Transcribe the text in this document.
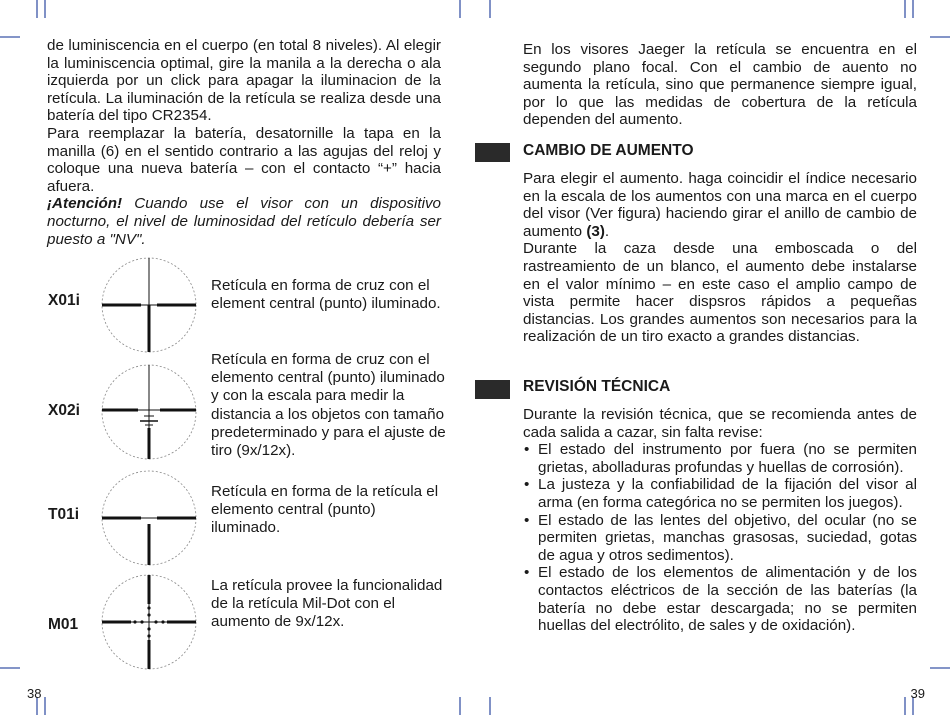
de luminiscencia en el cuerpo (en total 8 niveles). Al elegir la luminiscencia optimal, gire la manila a la derecha o ala izquierda por un click para apagar la iluminacion de la retícula. La iluminación de la retícula se realiza desde una batería del tipo CR2354.

Para reemplazar la batería, desatornille la tapa en la manilla (6) en el sentido contrario a las agujas del reloj y coloque una nueva batería – con el contacto “+” hacia afuera.

¡Atención! Cuando use el visor con un dispositivo nocturno, el nivel de luminosidad del retículo debería ser puesto a "NV".

X01i
Retícula en forma de cruz con el element central (punto) iluminado.
X02i
Retícula en forma de cruz con el elemento central (punto) iluminado y con la escala para medir la distancia a los objetos con tamaño predeterminado y para el ajuste de tiro (9x/12x).
T01i
Retícula en forma de la retícula el elemento central (punto) iluminado.
M01
La retícula provee la funcionalidad de la retícula Mil-Dot con el aumento de 9x/12x.
38

En los visores Jaeger la retícula se encuentra en el segundo plano focal. Con el cambio de auento no aumenta la retícula, sino que permanence siempre igual, por lo que las medidas de cobertura de la retícula dependen del aumento.

CAMBIO DE AUMENTO

Para elegir el aumento. haga coincidir el índice necesario en la escala de los aumentos con una marca en el cuerpo del visor (Ver figura) haciendo girar el anillo de cambio de aumento (3).

Durante la caza desde una emboscada o del rastreamiento de un blanco, el aumento debe instalarse en el valor mínimo – en este caso el amplio campo de vista permite hacer dispsros rápidos a pequeñas distancias. Los grandes aumentos son necesarios para la realización de un tiro exacto a grandes distancias.

REVISIÓN TÉCNICA

Durante la revisión técnica, que se recomienda antes de cada salida a cazar, sin falta revise:

• El estado del instrumento por fuera (no se permiten grietas, abolladuras profundas y huellas de corrosión).
• La justeza y la confiabilidad de la fijación del visor al arma (en forma categórica no se permiten los juegos).
• El estado de las lentes del objetivo, del ocular (no se permiten grietas, manchas grasosas, suciedad, gotas de agua y otros sedimentos).
• El estado de los elementos de alimentación y de los contactos eléctricos de la sección de las baterías (la batería no debe estar descargada; no se permiten huellas del electrólito, de sales y de oxidación).
39
